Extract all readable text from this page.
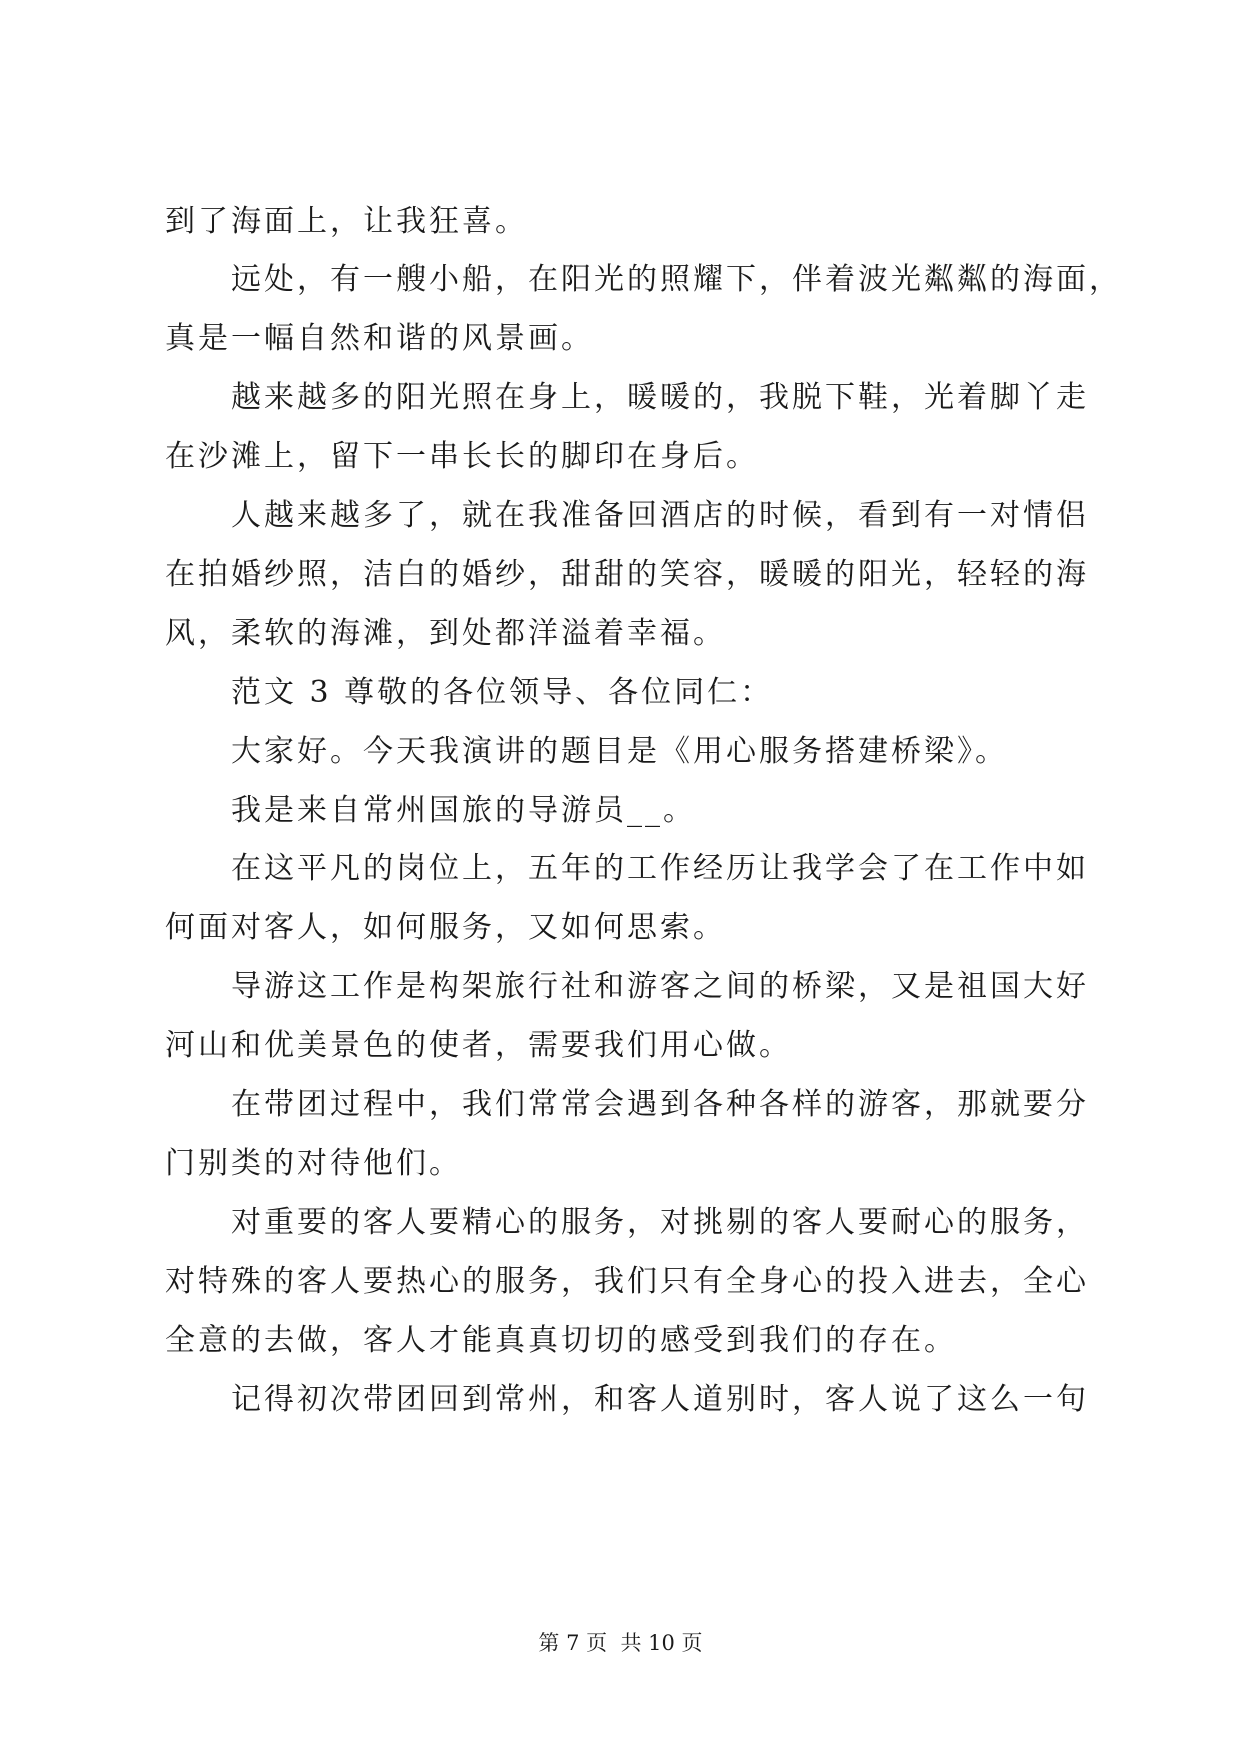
到了海面上，让我狂喜。
远处，有一艘小船，在阳光的照耀下，伴着波光粼粼的海面，
真是一幅自然和谐的风景画。
越来越多的阳光照在身上，暖暖的，我脱下鞋，光着脚丫走
在沙滩上，留下一串长长的脚印在身后。
人越来越多了，就在我准备回酒店的时候，看到有一对情侣
在拍婚纱照，洁白的婚纱，甜甜的笑容，暖暖的阳光，轻轻的海
风，柔软的海滩，到处都洋溢着幸福。
范文 3 尊敬的各位领导、各位同仁：
大家好。今天我演讲的题目是《用心服务搭建桥梁》。
我是来自常州国旅的导游员__。
在这平凡的岗位上，五年的工作经历让我学会了在工作中如
何面对客人，如何服务，又如何思索。
导游这工作是构架旅行社和游客之间的桥梁，又是祖国大好
河山和优美景色的使者，需要我们用心做。
在带团过程中，我们常常会遇到各种各样的游客，那就要分
门别类的对待他们。
对重要的客人要精心的服务，对挑剔的客人要耐心的服务，
对特殊的客人要热心的服务，我们只有全身心的投入进去，全心
全意的去做，客人才能真真切切的感受到我们的存在。
记得初次带团回到常州，和客人道别时，客人说了这么一句
第 7 页  共 10 页
